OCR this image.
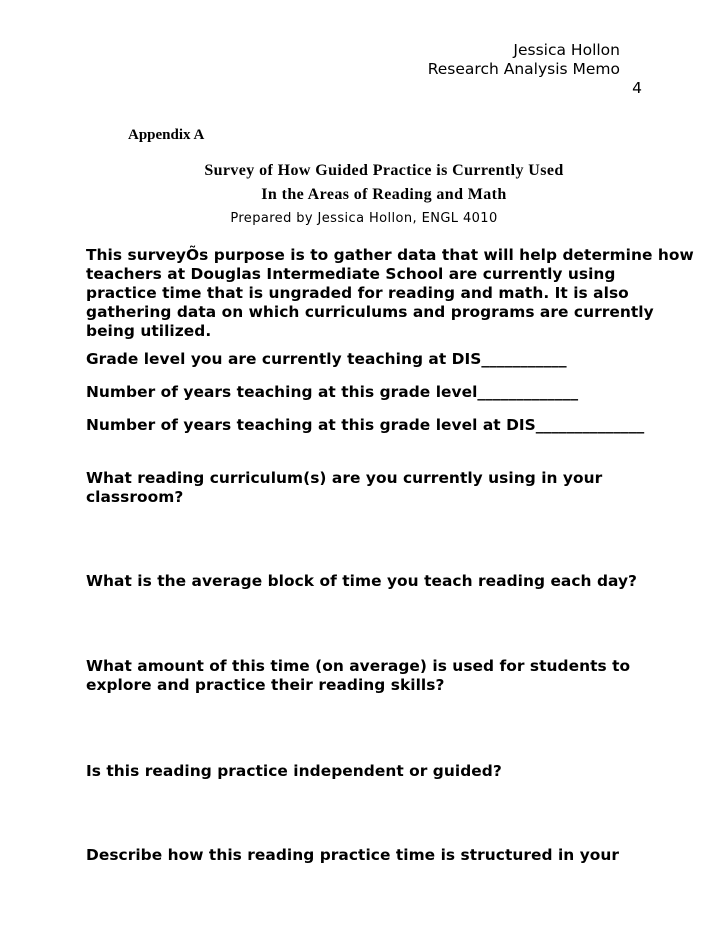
Jessica Hollon
Research Analysis Memo
4
Appendix A
Survey of How Guided Practice is Currently Used
In the Areas of Reading and Math
Prepared by Jessica Hollon, ENGL 4010
This surveyÕs purpose is to gather data that will help determine how
teachers at Douglas Intermediate School are currently using
practice time that is ungraded for reading and math. It is also
gathering data on which curriculums and programs are currently
being utilized.
Grade level you are currently teaching at DIS___________
Number of years teaching at this grade level_____________
Number of years teaching at this grade level at DIS______________
What reading curriculum(s) are you currently using in your
classroom?
What is the average block of time you teach reading each day?
What amount of this time (on average) is used for students to
explore and practice their reading skills?
Is this reading practice independent or guided?
Describe how this reading practice time is structured in your
